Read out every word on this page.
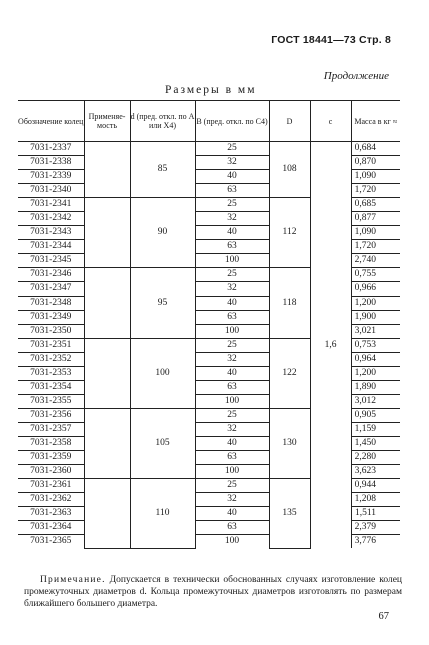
ГОСТ 18441—73 Стр. 8
Продолжение
Размеры в мм
Обозначение колец	Применяе-мость	d (пред. откл. по A или X4)	B (пред. откл. по C4)	D	c	Масса в кг ≈
7031-2337		85	25	108	1,6	0,684
7031-2338			32			0,870
7031-2339			40			1,090
7031-2340			63			1,720
7031-2341		90	25	112		0,685
7031-2342			32			0,877
7031-2343			40			1,090
7031-2344			63			1,720
7031-2345			100			2,740
7031-2346		95	25	118		0,755
7031-2347			32			0,966
7031-2348			40			1,200
7031-2349			63			1,900
7031-2350			100			3,021
7031-2351		100	25	122		0,753
7031-2352			32			0,964
7031-2353			40			1,200
7031-2354			63			1,890
7031-2355			100			3,012
7031-2356		105	25	130		0,905
7031-2357			32			1,159
7031-2358			40			1,450
7031-2359			63			2,280
7031-2360			100			3,623
7031-2361		110	25	135		0,944
7031-2362			32			1,208
7031-2363			40			1,511
7031-2364			63			2,379
7031-2365			100			3,776
Примечание. Допускается в технически обоснованных случаях изготовление колец промежуточных диаметров d. Кольца промежуточных диаметров изготовлять по размерам ближайшего большего диаметра.
67
